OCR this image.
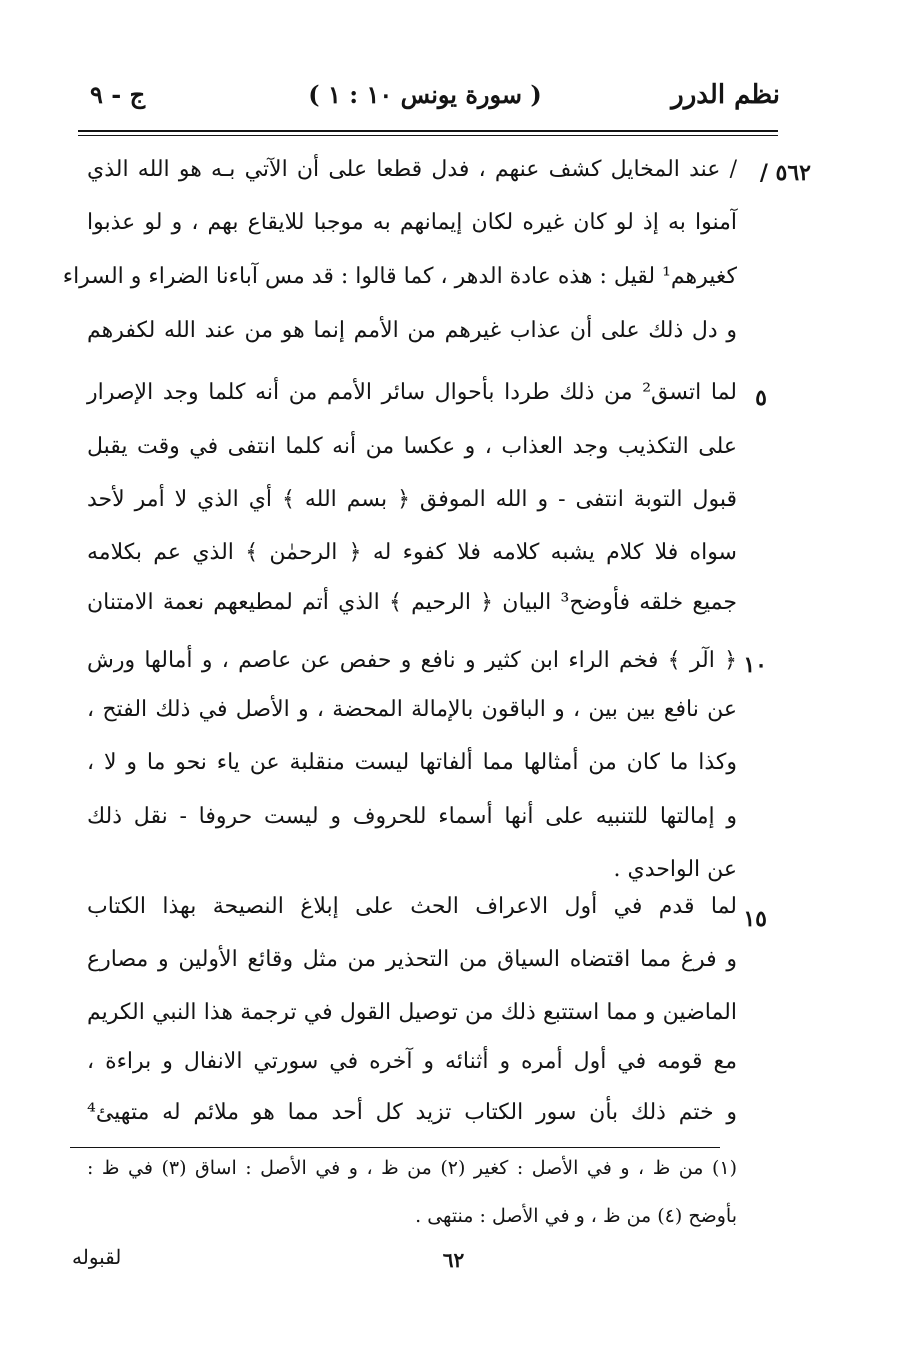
نظم الدرر
( سورة يونس ١٠ : ١ )
ج - ٩
٥٦٢ /
/ عند المخايل كشف عنهم ، فدل قطعا على أن الآتي بـه هو الله الذي
آمنوا به إذ لو كان غيره لكان إيمانهم به موجبا للايقاع بهم ، و لو عذبوا
كغيرهم¹ لقيل : هذه عادة الدهر ، كما قالوا : قد مس آباءنا الضراء و السراء
و دل ذلك على أن عذاب غيرهم من الأمم إنما هو من عند الله لكفرهم
لما اتسق² من ذلك طردا بأحوال سائر الأمم من أنه كلما وجد الإصرار
على التكذيب وجد العذاب ، و عكسا من أنه كلما انتفى في وقت يقبل
قبول التوبة انتفى - و الله الموفق ﴿ بسم الله ﴾ أي الذي لا أمر لأحد
سواه فلا كلام يشبه كلامه فلا كفوء له ﴿ الرحمٰن ﴾ الذي عم بكلامه
جميع خلقه فأوضح³ البيان ﴿ الرحيم ﴾ الذي أتم لمطيعهم نعمة الامتنان
﴿ الٓر ﴾ فخم الراء ابن كثير و نافع و حفص عن عاصم ، و أمالها ورش
عن نافع بين بين ، و الباقون بالإمالة المحضة ، و الأصل في ذلك الفتح ،
وكذا ما كان من أمثالها مما ألفاتها ليست منقلبة عن ياء نحو ما و لا ،
و إمالتها للتنبيه على أنها أسماء للحروف و ليست حروفا - نقل ذلك
عن الواحدي .
لما قدم في أول الاعراف الحث على إبلاغ النصيحة بهذا الكتاب
و فرغ مما اقتضاه السياق من التحذير من مثل وقائع الأولين و مصارع
الماضين و مما استتبع ذلك من توصيل القول في ترجمة هذا النبي الكريم
مع قومه في أول أمره و أثنائه و آخره في سورتي الانفال و براءة ،
و ختم ذلك بأن سور الكتاب تزيد كل أحد مما هو ملائم له متهيئ⁴
٥
١٠
١٥
(١) من ظ ، و في الأصل : كغير (٢) من ظ ، و في الأصل : اساق (٣) في ظ :
بأوضح (٤) من ظ ، و في الأصل : منتهى .
لقبوله	٦٢
